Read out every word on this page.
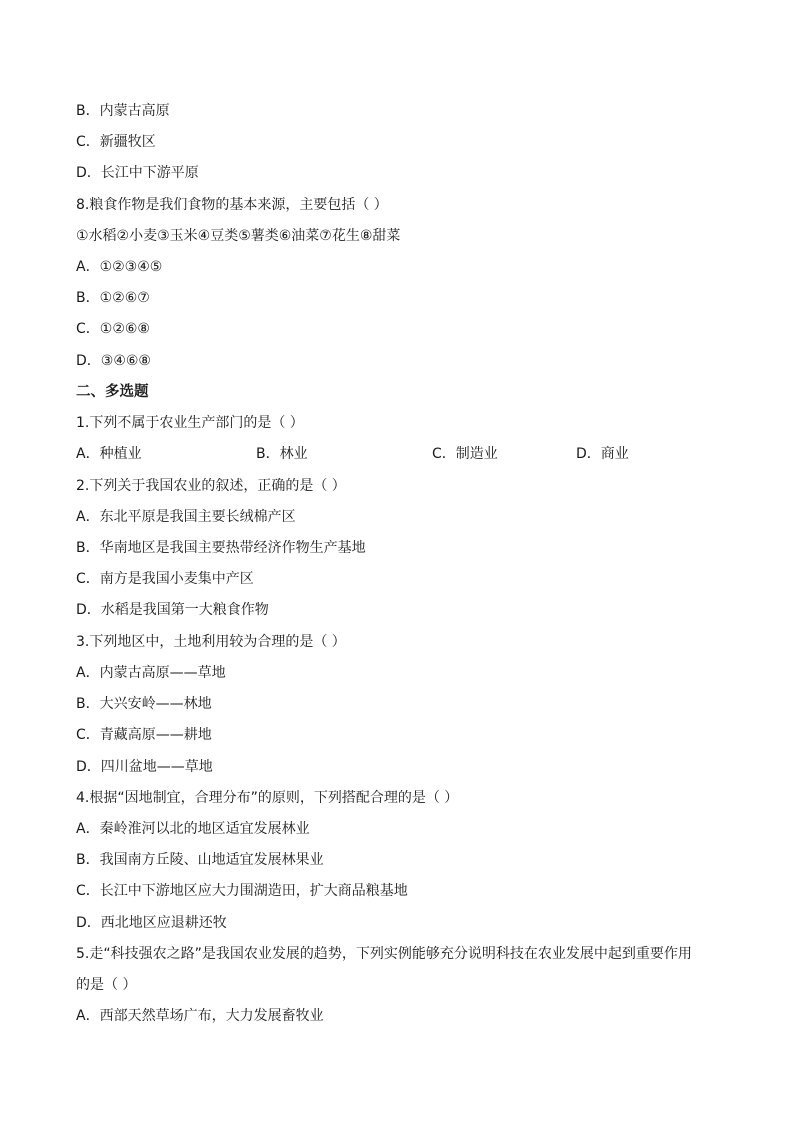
B．内蒙古高原
C．新疆牧区
D．长江中下游平原
8.粮食作物是我们食物的基本来源，主要包括（ ）
①水稻②小麦③玉米④豆类⑤薯类⑥油菜⑦花生⑧甜菜
A．①②③④⑤
B．①②⑥⑦
C．①②⑥⑧
D．③④⑥⑧
二、多选题
1.下列不属于农业生产部门的是（ ）
A．种植业	B．林业	C．制造业	D．商业
2.下列关于我国农业的叙述，正确的是（ ）
A．东北平原是我国主要长绒棉产区
B．华南地区是我国主要热带经济作物生产基地
C．南方是我国小麦集中产区
D．水稻是我国第一大粮食作物
3.下列地区中，土地利用较为合理的是（ ）
A．内蒙古高原——草地
B．大兴安岭——林地
C．青藏高原——耕地
D．四川盆地——草地
4.根据“因地制宜，合理分布”的原则，下列搭配合理的是（ ）
A．秦岭淮河以北的地区适宜发展林业
B．我国南方丘陵、山地适宜发展林果业
C．长江中下游地区应大力围湖造田，扩大商品粮基地
D．西北地区应退耕还牧
5.走“科技强农之路”是我国农业发展的趋势，下列实例能够充分说明科技在农业发展中起到重要作用
的是（ ）
A．西部天然草场广布，大力发展畜牧业
